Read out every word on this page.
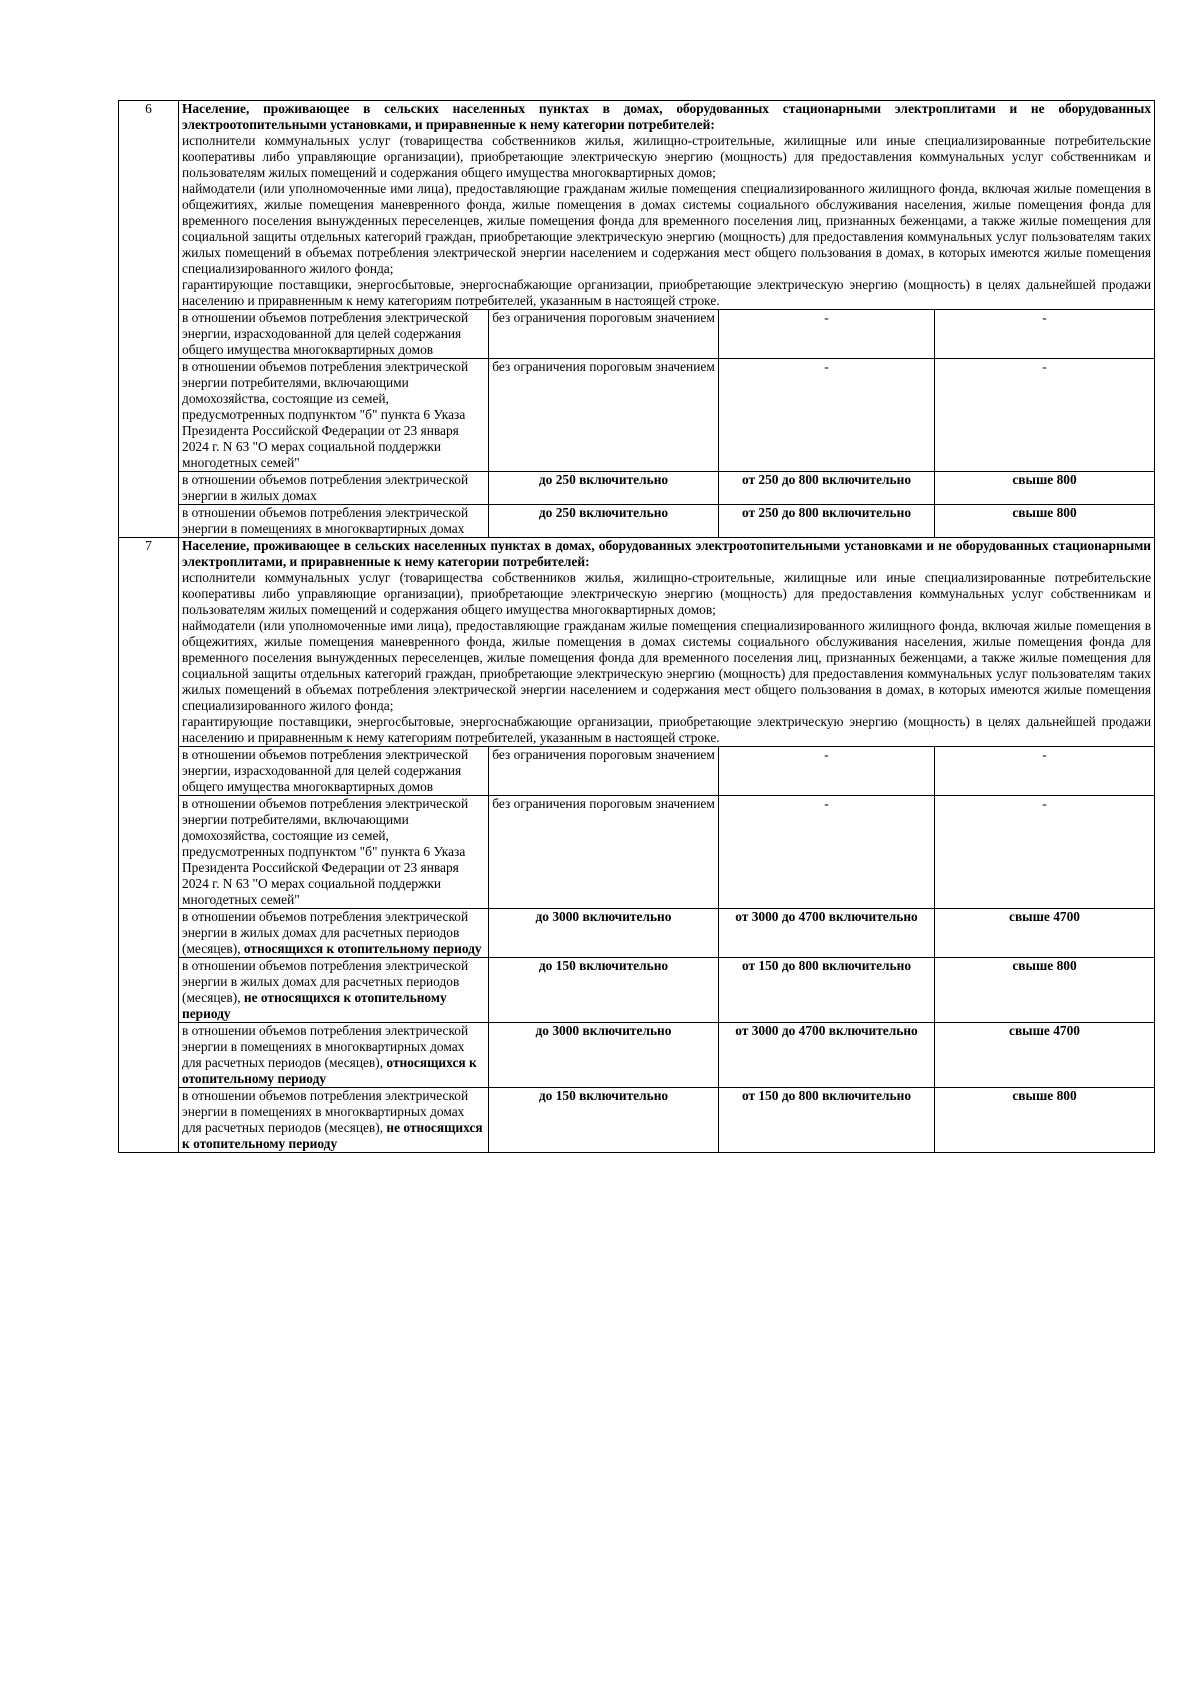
6	Население, проживающее в сельских населенных пунктах в домах, оборудованных стационарными электроплитами и не оборудованных электроотопительными установками, и приравненные к нему категории потребителей:
исполнители коммунальных услуг (товарищества собственников жилья, жилищно-строительные, жилищные или иные специализированные потребительские кооперативы либо управляющие организации), приобретающие электрическую энергию (мощность) для предоставления коммунальных услуг собственникам и пользователям жилых помещений и содержания общего имущества многоквартирных домов;
наймодатели (или уполномоченные ими лица), предоставляющие гражданам жилые помещения специализированного жилищного фонда, включая жилые помещения в общежитиях, жилые помещения маневренного фонда, жилые помещения в домах системы социального обслуживания населения, жилые помещения фонда для временного поселения вынужденных переселенцев, жилые помещения фонда для временного поселения лиц, признанных беженцами, а также жилые помещения для социальной защиты отдельных категорий граждан, приобретающие электрическую энергию (мощность) для предоставления коммунальных услуг пользователям таких жилых помещений в объемах потребления электрической энергии населением и содержания мест общего пользования в домах, в которых имеются жилые помещения специализированного жилого фонда;
гарантирующие поставщики, энергосбытовые, энергоснабжающие организации, приобретающие электрическую энергию (мощность) в целях дальнейшей продажи населению и приравненным к нему категориям потребителей, указанным в настоящей строке.			

	в отношении объемов потребления электрической энергии, израсходованной для целей содержания общего имущества многоквартирных домов	без ограничения пороговым значением	-	-
	в отношении объемов потребления электрической энергии потребителями, включающими домохозяйства, состоящие из семей, предусмотренных подпунктом "б" пункта 6 Указа Президента Российской Федерации от 23 января 2024 г. N 63 "О мерах социальной поддержки многодетных семей"	без ограничения пороговым значением	-	-
	в отношении объемов потребления электрической энергии в жилых домах	до 250 включительно	от 250 до 800 включительно	свыше 800
	в отношении объемов потребления электрической энергии в помещениях в многоквартирных домах	до 250 включительно	от 250 до 800 включительно	свыше 800
7	Население, проживающее в сельских населенных пунктах в домах, оборудованных электроотопительными установками и не оборудованных стационарными электроплитами, и приравненные к нему категории потребителей:
исполнители коммунальных услуг (товарищества собственников жилья, жилищно-строительные, жилищные или иные специализированные потребительские кооперативы либо управляющие организации), приобретающие электрическую энергию (мощность) для предоставления коммунальных услуг собственникам и пользователям жилых помещений и содержания общего имущества многоквартирных домов;
наймодатели (или уполномоченные ими лица), предоставляющие гражданам жилые помещения специализированного жилищного фонда, включая жилые помещения в общежитиях, жилые помещения маневренного фонда, жилые помещения в домах системы социального обслуживания населения, жилые помещения фонда для временного поселения вынужденных переселенцев, жилые помещения фонда для временного поселения лиц, признанных беженцами, а также жилые помещения для социальной защиты отдельных категорий граждан, приобретающие электрическую энергию (мощность) для предоставления коммунальных услуг пользователям таких жилых помещений в объемах потребления электрической энергии населением и содержания мест общего пользования в домах, в которых имеются жилые помещения специализированного жилого фонда;
гарантирующие поставщики, энергосбытовые, энергоснабжающие организации, приобретающие электрическую энергию (мощность) в целях дальнейшей продажи населению и приравненным к нему категориям потребителей, указанным в настоящей строке.			

	в отношении объемов потребления электрической энергии, израсходованной для целей содержания общего имущества многоквартирных домов	без ограничения пороговым значением	-	-
	в отношении объемов потребления электрической энергии потребителями, включающими домохозяйства, состоящие из семей, предусмотренных подпунктом "б" пункта 6 Указа Президента Российской Федерации от 23 января 2024 г. N 63 "О мерах социальной поддержки многодетных семей"	без ограничения пороговым значением	-	-
	в отношении объемов потребления электрической энергии в жилых домах для расчетных периодов (месяцев), относящихся к отопительному периоду	до 3000 включительно	от 3000 до 4700 включительно	свыше 4700
	в отношении объемов потребления электрической энергии в жилых домах для расчетных периодов (месяцев), не относящихся к отопительному периоду	до 150 включительно	от 150 до 800 включительно	свыше 800
	в отношении объемов потребления электрической энергии в помещениях в многоквартирных домах для расчетных периодов (месяцев), относящихся к отопительному периоду	до 3000 включительно	от 3000 до 4700 включительно	свыше 4700
	в отношении объемов потребления электрической энергии в помещениях в многоквартирных домах для расчетных периодов (месяцев), не относящихся к отопительному периоду	до 150 включительно	от 150 до 800 включительно	свыше 800
